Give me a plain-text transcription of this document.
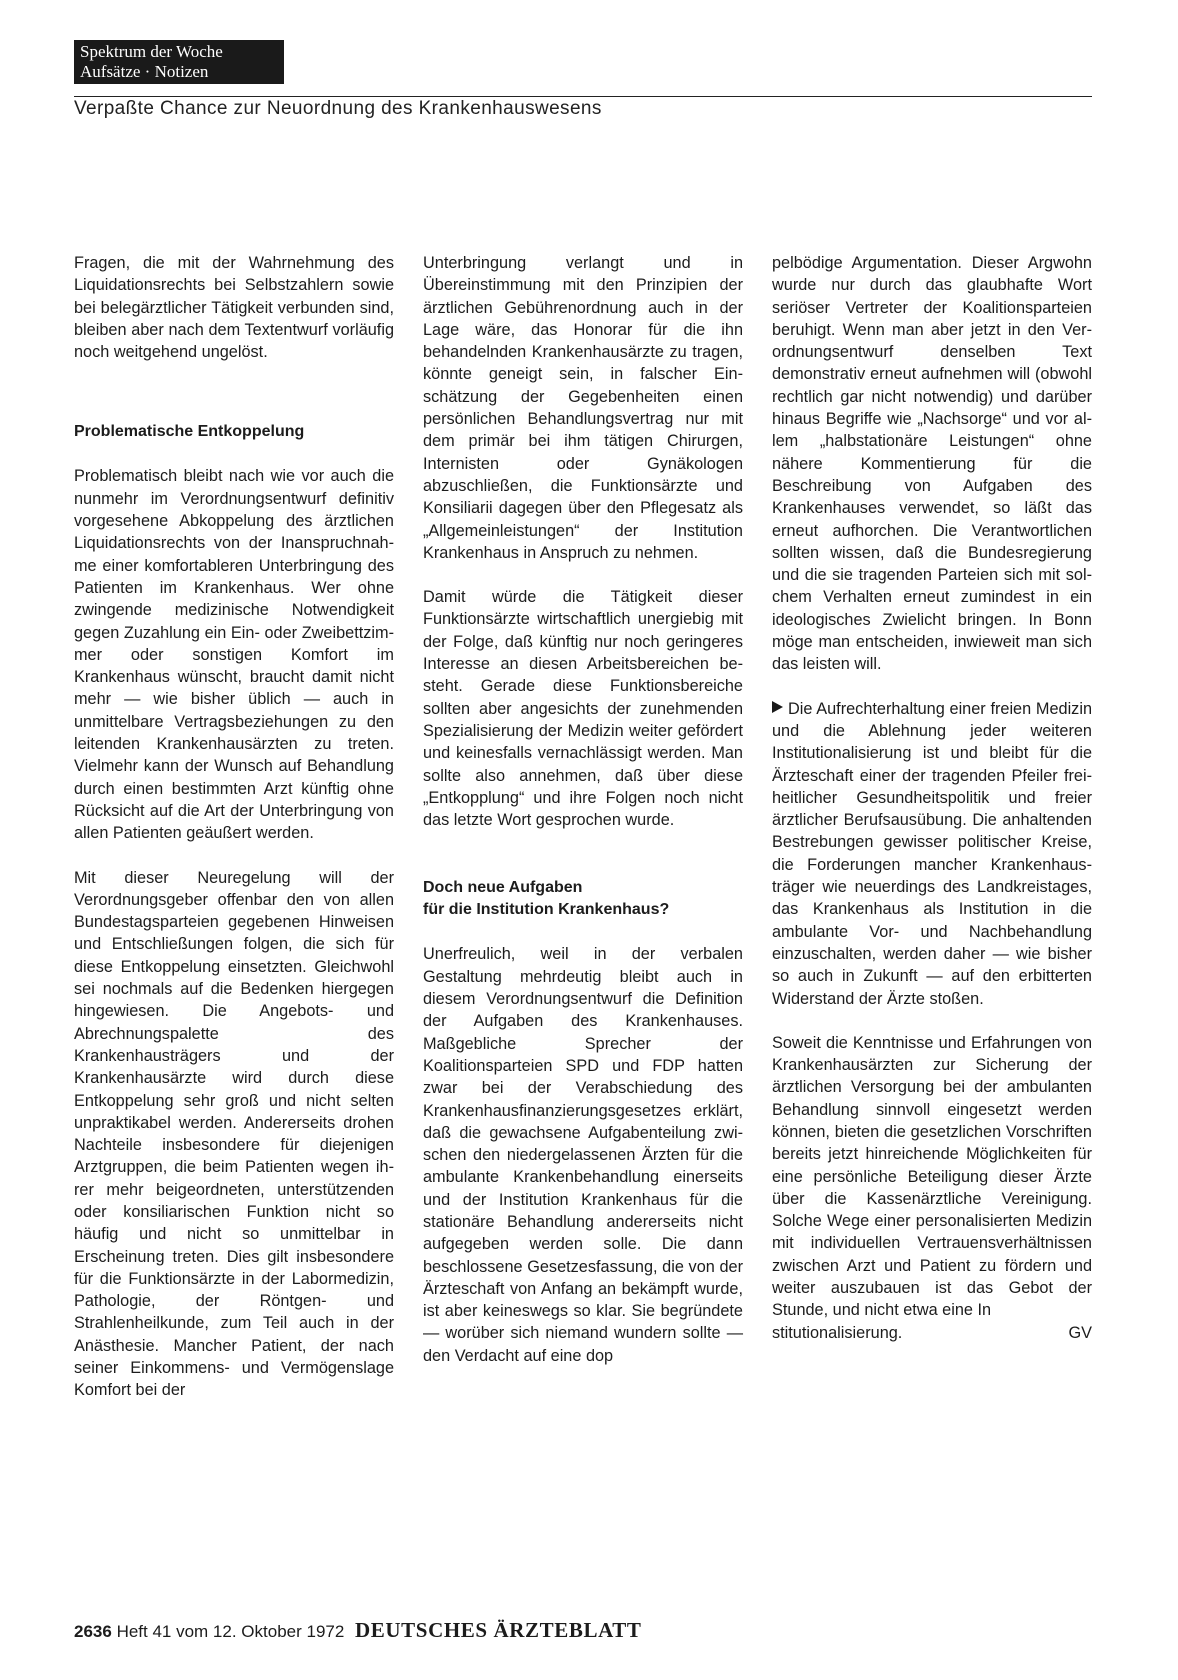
Spektrum der Woche
Aufsätze · Notizen
Verpaßte Chance zur Neuordnung des Krankenhauswesens

Fragen, die mit der Wahrnehmung des Liquidationsrechts bei Selbstzahlern sowie bei belegärztlicher Tätigkeit verbunden sind, bleiben aber nach dem Textentwurf vorläufig noch weitgehend ungelöst.

Problematische Entkoppelung

Problematisch bleibt nach wie vor auch die nunmehr im Verordnungsentwurf definitiv vorgesehene Abkoppelung des ärztlichen Liquidationsrechts von der Inanspruchnahme einer komfortableren Unterbringung des Patienten im Krankenhaus. Wer ohne zwingende medizinische Notwendigkeit gegen Zuzahlung ein Ein- oder Zweibettzimmer oder sonstigen Komfort im Krankenhaus wünscht, braucht damit nicht mehr — wie bisher üblich — auch in unmittelbare Vertragsbeziehungen zu den leitenden Krankenhausärzten zu treten. Vielmehr kann der Wunsch auf Behandlung durch einen bestimmten Arzt künftig ohne Rücksicht auf die Art der Unterbringung von allen Patienten geäußert werden.

Mit dieser Neuregelung will der Verordnungsgeber offenbar den von allen Bundestagsparteien gegebenen Hinweisen und Entschließungen folgen, die sich für diese Entkoppelung einsetzten. Gleichwohl sei nochmals auf die Bedenken hiergegen hingewiesen. Die Angebots- und Abrechnungspalette des Krankenhausträgers und der Krankenhausärzte wird durch diese Entkoppelung sehr groß und nicht selten unpraktikabel werden. Andererseits drohen Nachteile insbesondere für diejenigen Arztgruppen, die beim Patienten wegen ihrer mehr beigeordneten, unterstützenden oder konsiliarischen Funktion nicht so häufig und nicht so unmittelbar in Erscheinung treten. Dies gilt insbesondere für die Funktionsärzte in der Labormedizin, Pathologie, der Röntgen- und Strahlenheilkunde, zum Teil auch in der Anästhesie. Mancher Patient, der nach seiner Einkommens- und Vermögenslage Komfort bei der

Unterbringung verlangt und in Übereinstimmung mit den Prinzipien der ärztlichen Gebührenordnung auch in der Lage wäre, das Honorar für die ihn behandelnden Krankenhausärzte zu tragen, könnte geneigt sein, in falscher Einschätzung der Gegebenheiten einen persönlichen Behandlungsvertrag nur mit dem primär bei ihm tätigen Chirurgen, Internisten oder Gynäkologen abzuschließen, die Funktionsärzte und Konsiliarii dagegen über den Pflegesatz als „Allgemeinleistungen“ der Institution Krankenhaus in Anspruch zu nehmen.

Damit würde die Tätigkeit dieser Funktionsärzte wirtschaftlich unergiebig mit der Folge, daß künftig nur noch geringeres Interesse an diesen Arbeitsbereichen besteht. Gerade diese Funktionsbereiche sollten aber angesichts der zunehmenden Spezialisierung der Medizin weiter gefördert und keinesfalls vernachlässigt werden. Man sollte also annehmen, daß über diese „Entkopplung“ und ihre Folgen noch nicht das letzte Wort gesprochen wurde.

Doch neue Aufgaben
für die Institution Krankenhaus?

Unerfreulich, weil in der verbalen Gestaltung mehrdeutig bleibt auch in diesem Verordnungsentwurf die Definition der Aufgaben des Krankenhauses. Maßgebliche Sprecher der Koalitionsparteien SPD und FDP hatten zwar bei der Verabschiedung des Krankenhausfinanzierungsgesetzes erklärt, daß die gewachsene Aufgabenteilung zwischen den niedergelassenen Ärzten für die ambulante Krankenbehandlung einerseits und der Institution Krankenhaus für die stationäre Behandlung andererseits nicht aufgegeben werden solle. Die dann beschlossene Gesetzesfassung, die von der Ärzteschaft von Anfang an bekämpft wurde, ist aber keineswegs so klar. Sie begründete — worüber sich niemand wundern sollte — den Verdacht auf eine dop

pelbödige Argumentation. Dieser Argwohn wurde nur durch das glaubhafte Wort seriöser Vertreter der Koalitionsparteien beruhigt. Wenn man aber jetzt in den Verordnungsentwurf denselben Text demonstrativ erneut aufnehmen will (obwohl rechtlich gar nicht notwendig) und darüber hinaus Begriffe wie „Nachsorge“ und vor allem „halbstationäre Leistungen“ ohne nähere Kommentierung für die Beschreibung von Aufgaben des Krankenhauses verwendet, so läßt das erneut aufhorchen. Die Verantwortlichen sollten wissen, daß die Bundesregierung und die sie tragenden Parteien sich mit solchem Verhalten erneut zumindest in ein ideologisches Zwielicht bringen. In Bonn möge man entscheiden, inwieweit man sich das leisten will.

Die Aufrechterhaltung einer freien Medizin und die Ablehnung jeder weiteren Institutionalisierung ist und bleibt für die Ärzteschaft einer der tragenden Pfeiler freiheitlicher Gesundheitspolitik und freier ärztlicher Berufsausübung. Die anhaltenden Bestrebungen gewisser politischer Kreise, die Forderungen mancher Krankenhausträger wie neuerdings des Landkreistages, das Krankenhaus als Institution in die ambulante Vor- und Nachbehandlung einzuschalten, werden daher — wie bisher so auch in Zukunft — auf den erbitterten Widerstand der Ärzte stoßen.

Soweit die Kenntnisse und Erfahrungen von Krankenhausärzten zur Sicherung der ärztlichen Versorgung bei der ambulanten Behandlung sinnvoll eingesetzt werden können, bieten die gesetzlichen Vorschriften bereits jetzt hinreichende Möglichkeiten für eine persönliche Beteiligung dieser Ärzte über die Kassenärztliche Vereinigung. Solche Wege einer personalisierten Medizin mit individuellen Vertrauensverhältnissen zwischen Arzt und Patient zu fördern und weiter auszubauen ist das Gebot der Stunde, und nicht etwa eine In
stitutionalisierung.	GV

2636 Heft 41 vom 12. Oktober 1972 DEUTSCHES ÄRZTEBLATT
